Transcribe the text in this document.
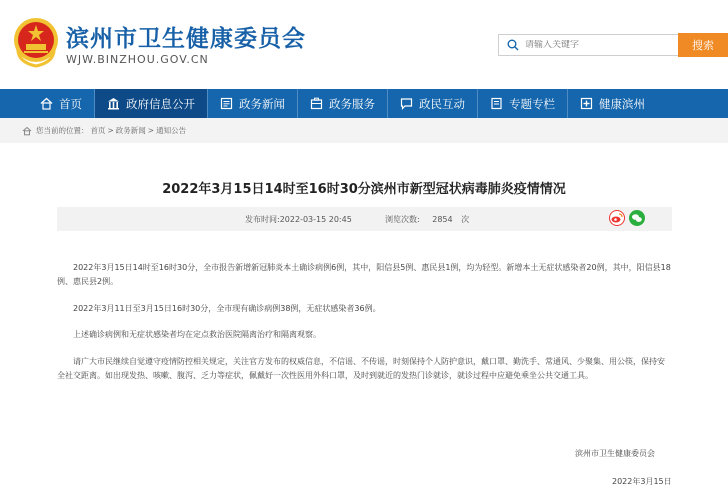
滨州市卫生健康委员会
WJW.BINZHOU.GOV.CN
请输入关键字
搜索
首页	政府信息公开	政务新闻	政务服务	政民互动	专题专栏	健康滨州
您当前的位置： 首页 > 政务新闻 > 通知公告
2022年3月15日14时至16时30分滨州市新型冠状病毒肺炎疫情情况
发布时间:2022-03-15 20:45	浏览次数: 2854 次

2022年3月15日14时至16时30分，全市报告新增新冠肺炎本土确诊病例6例，其中，阳信县5例、惠民县1例，均为轻型。新增本土无症状感染者20例，其中，阳信县18例、惠民县2例。

2022年3月11日至3月15日16时30分，全市现有确诊病例38例，无症状感染者36例。

上述确诊病例和无症状感染者均在定点救治医院隔离治疗和隔离观察。

请广大市民继续自觉遵守疫情防控相关规定，关注官方发布的权威信息，不信谣、不传谣，时刻保持个人防护意识，戴口罩、勤洗手、常通风、少聚集、用公筷，保持安全社交距离。如出现发热、咳嗽、腹泻、乏力等症状，佩戴好一次性医用外科口罩，及时到就近的发热门诊就诊，就诊过程中应避免乘坐公共交通工具。

滨州市卫生健康委员会
2022年3月15日
